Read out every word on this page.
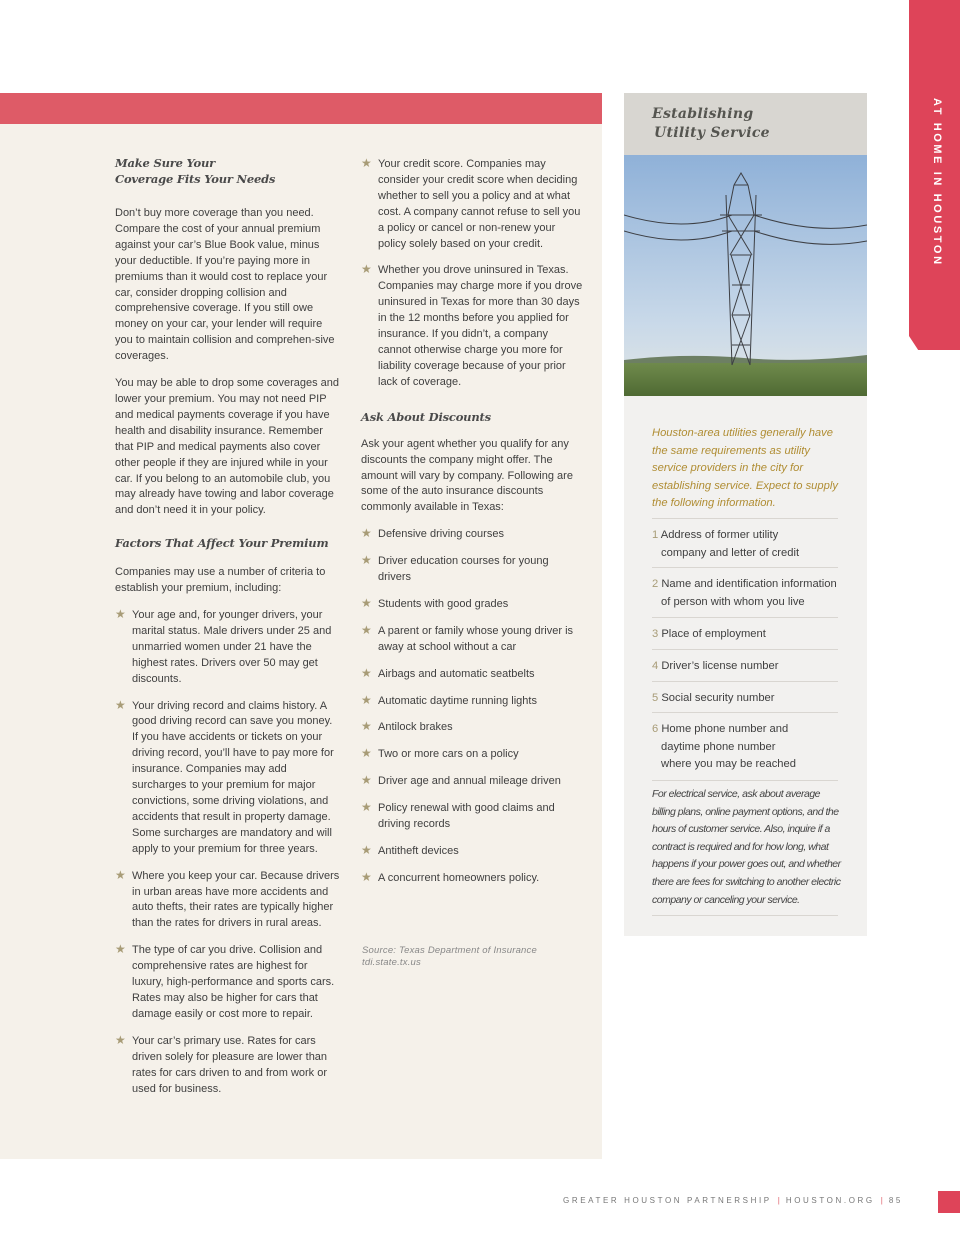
AT HOME IN HOUSTON
Make Sure Your
Coverage Fits Your Needs

Don’t buy more coverage than you need. Compare the cost of your annual premium against your car’s Blue Book value, minus your deductible. If you’re paying more in premiums than it would cost to replace your car, consider dropping collision and comprehensive coverage. If you still owe money on your car, your lender will require you to maintain collision and comprehen-sive coverages.

You may be able to drop some coverages and lower your premium. You may not need PIP and medical payments coverage if you have health and disability insurance. Remember that PIP and medical payments also cover other people if they are injured while in your car. If you belong to an automobile club, you may already have towing and labor coverage and don’t need it in your policy.

Factors That Affect Your Premium

Companies may use a number of criteria to establish your premium, including:

★ Your age and, for younger drivers, your marital status. Male drivers under 25 and unmarried women under 21 have the highest rates. Drivers over 50 may get discounts.
★ Your driving record and claims history. A good driving record can save you money. If you have accidents or tickets on your driving record, you’ll have to pay more for insurance. Companies may add surcharges to your premium for major convictions, some driving violations, and accidents that result in property damage. Some surcharges are mandatory and will apply to your premium for three years.
★ Where you keep your car. Because drivers in urban areas have more accidents and auto thefts, their rates are typically higher than the rates for drivers in rural areas.
★ The type of car you drive. Collision and comprehensive rates are highest for luxury, high-performance and sports cars. Rates may also be higher for cars that damage easily or cost more to repair.
★ Your car’s primary use. Rates for cars driven solely for pleasure are lower than rates for cars driven to and from work or used for business.
★ Your credit score. Companies may consider your credit score when deciding whether to sell you a policy and at what cost. A company cannot refuse to sell you a policy or cancel or non-renew your policy solely based on your credit.
★ Whether you drove uninsured in Texas. Companies may charge more if you drove uninsured in Texas for more than 30 days in the 12 months before you applied for insurance. If you didn’t, a company cannot otherwise charge you more for liability coverage because of your prior lack of coverage.
Ask About Discounts

Ask your agent whether you qualify for any discounts the company might offer. The amount will vary by company. Following are some of the auto insurance discounts commonly available in Texas:

★ Defensive driving courses
★ Driver education courses for young drivers
★ Students with good grades
★ A parent or family whose young driver is away at school without a car
★ Airbags and automatic seatbelts
★ Automatic daytime running lights
★ Antilock brakes
★ Two or more cars on a policy
★ Driver age and annual mileage driven
★ Policy renewal with good claims and driving records
★ Antitheft devices
★ A concurrent homeowners policy.
Source: Texas Department of Insurance
tdi.state.tx.us
Establishing
Utility Service
Houston-area utilities generally have the same requirements as utility service providers in the city for establishing service. Expect to supply the following information.
1 Address of former utility
company and letter of credit
2 Name and identification information
of person with whom you live
3 Place of employment
4 Driver’s license number
5 Social security number
6 Home phone number and
daytime phone number
where you may be reached
For electrical service, ask about average billing plans, online payment options, and the hours of customer service. Also, inquire if a contract is required and for how long, what happens if your power goes out, and whether there are fees for switching to another electric company or canceling your service.
GREATER HOUSTON PARTNERSHIP | HOUSTON.ORG | 85
